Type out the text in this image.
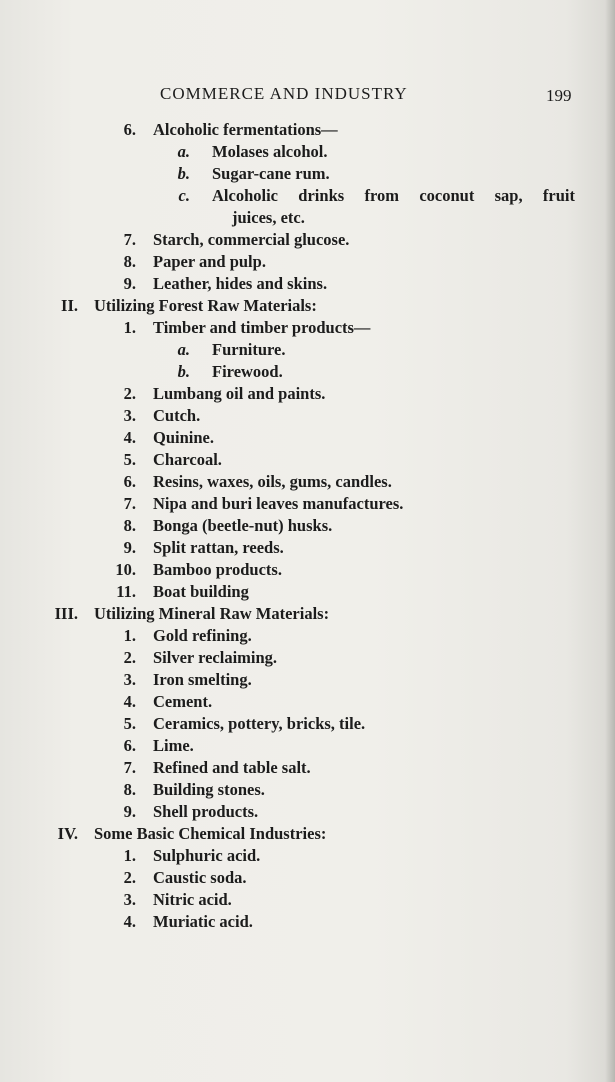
COMMERCE AND INDUSTRY	199
6. Alcoholic fermentations—
a. Molases alcohol.
b. Sugar-cane rum.
c. Alcoholic drinks from coconut sap, fruit
juices, etc.
7. Starch, commercial glucose.
8. Paper and pulp.
9. Leather, hides and skins.
II. Utilizing Forest Raw Materials:
1. Timber and timber products—
a. Furniture.
b. Firewood.
2. Lumbang oil and paints.
3. Cutch.
4. Quinine.
5. Charcoal.
6. Resins, waxes, oils, gums, candles.
7. Nipa and buri leaves manufactures.
8. Bonga (beetle-nut) husks.
9. Split rattan, reeds.
10. Bamboo products.
11. Boat building
III. Utilizing Mineral Raw Materials:
1. Gold refining.
2. Silver reclaiming.
3. Iron smelting.
4. Cement.
5. Ceramics, pottery, bricks, tile.
6. Lime.
7. Refined and table salt.
8. Building stones.
9. Shell products.
IV. Some Basic Chemical Industries:
1. Sulphuric acid.
2. Caustic soda.
3. Nitric acid.
4. Muriatic acid.
